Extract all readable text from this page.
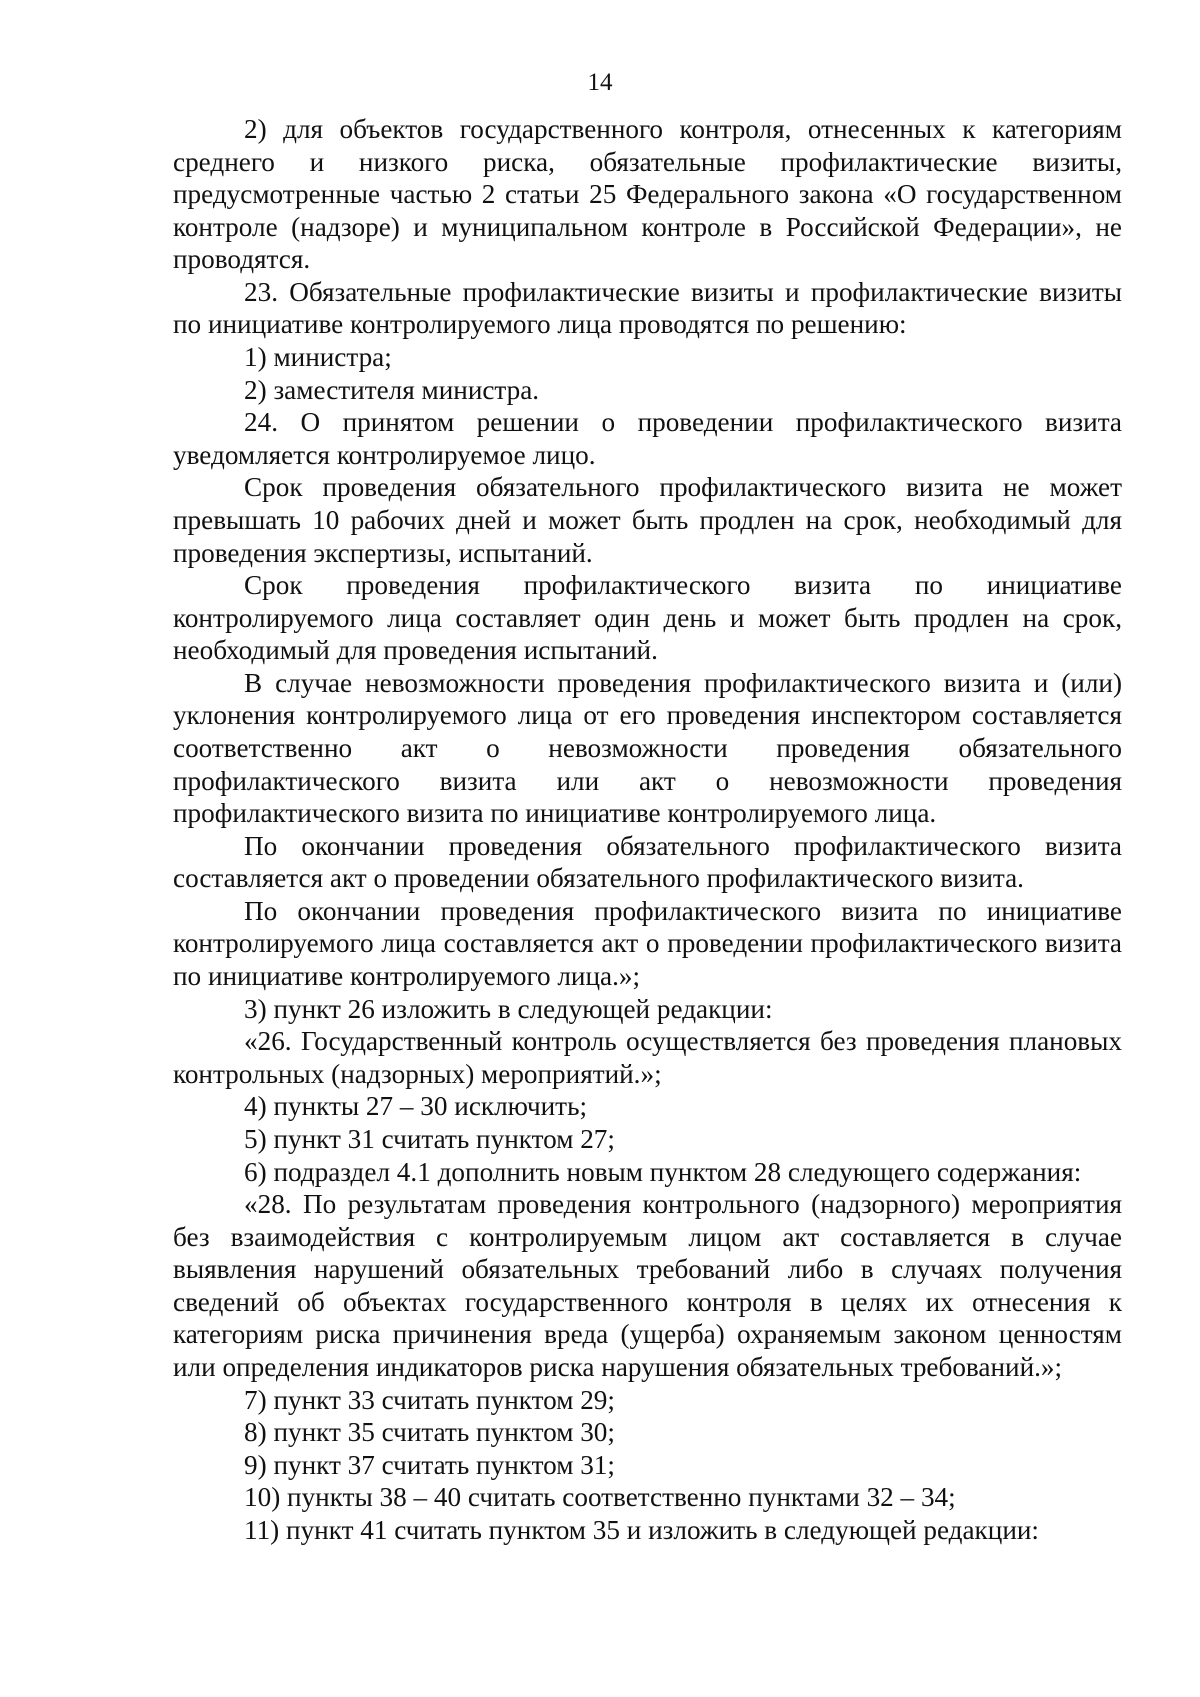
14

2) для объектов государственного контроля, отнесенных к категориям среднего и низкого риска, обязательные профилактические визиты, предусмотренные частью 2 статьи 25 Федерального закона «О государственном контроле (надзоре) и муниципальном контроле в Российской Федерации», не проводятся.

23. Обязательные профилактические визиты и профилактические визиты по инициативе контролируемого лица проводятся по решению:

1) министра;

2) заместителя министра.

24. О принятом решении о проведении профилактического визита уведомляется контролируемое лицо.

Срок проведения обязательного профилактического визита не может превышать 10 рабочих дней и может быть продлен на срок, необходимый для проведения экспертизы, испытаний.

Срок проведения профилактического визита по инициативе контролируемого лица составляет один день и может быть продлен на срок, необходимый для проведения испытаний.

В случае невозможности проведения профилактического визита и (или) уклонения контролируемого лица от его проведения инспектором составляется соответственно акт о невозможности проведения обязательного профилактического визита или акт о невозможности проведения профилактического визита по инициативе контролируемого лица.

По окончании проведения обязательного профилактического визита составляется акт о проведении обязательного профилактического визита.

По окончании проведения профилактического визита по инициативе контролируемого лица составляется акт о проведении профилактического визита по инициативе контролируемого лица.»;

3) пункт 26 изложить в следующей редакции:

«26. Государственный контроль осуществляется без проведения плановых контрольных (надзорных) мероприятий.»;

4) пункты 27 – 30 исключить;

5) пункт 31 считать пунктом 27;

6) подраздел 4.1 дополнить новым пунктом 28 следующего содержания:

«28. По результатам проведения контрольного (надзорного) мероприятия без взаимодействия с контролируемым лицом акт составляется в случае выявления нарушений обязательных требований либо в случаях получения сведений об объектах государственного контроля в целях их отнесения к категориям риска причинения вреда (ущерба) охраняемым законом ценностям или определения индикаторов риска нарушения обязательных требований.»;

7) пункт 33 считать пунктом 29;

8) пункт 35 считать пунктом 30;

9) пункт 37 считать пунктом 31;

10) пункты 38 – 40 считать соответственно пунктами 32 – 34;

11) пункт 41 считать пунктом 35 и изложить в следующей редакции:
